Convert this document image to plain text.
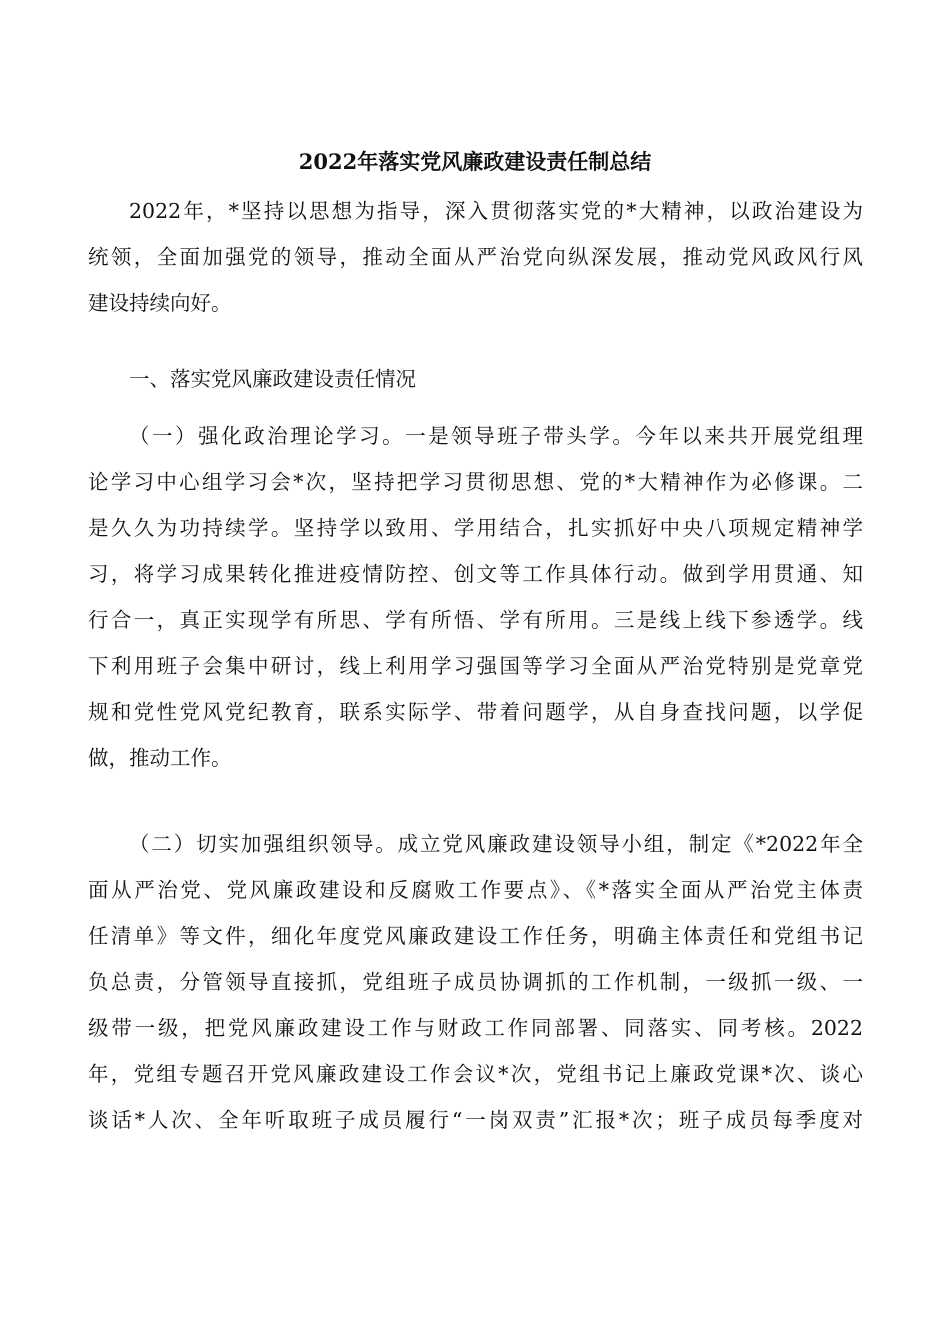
2022年落实党风廉政建设责任制总结
2022年，*坚持以思想为指导，深入贯彻落实党的*大精神，以政治建设为
统领，全面加强党的领导，推动全面从严治党向纵深发展，推动党风政风行风
建设持续向好。
一、落实党风廉政建设责任情况
（一）强化政治理论学习。一是领导班子带头学。今年以来共开展党组理
论学习中心组学习会*次，坚持把学习贯彻思想、党的*大精神作为必修课。二
是久久为功持续学。坚持学以致用、学用结合，扎实抓好中央八项规定精神学
习，将学习成果转化推进疫情防控、创文等工作具体行动。做到学用贯通、知
行合一，真正实现学有所思、学有所悟、学有所用。三是线上线下参透学。线
下利用班子会集中研讨，线上利用学习强国等学习全面从严治党特别是党章党
规和党性党风党纪教育，联系实际学、带着问题学，从自身查找问题，以学促
做，推动工作。
（二）切实加强组织领导。成立党风廉政建设领导小组，制定《*2022年全
面从严治党、党风廉政建设和反腐败工作要点》、《*落实全面从严治党主体责
任清单》等文件，细化年度党风廉政建设工作任务，明确主体责任和党组书记
负总责，分管领导直接抓，党组班子成员协调抓的工作机制，一级抓一级、一
级带一级，把党风廉政建设工作与财政工作同部署、同落实、同考核。2022
年，党组专题召开党风廉政建设工作会议*次，党组书记上廉政党课*次、谈心
谈话*人次、全年听取班子成员履行“一岗双责”汇报*次；班子成员每季度对
